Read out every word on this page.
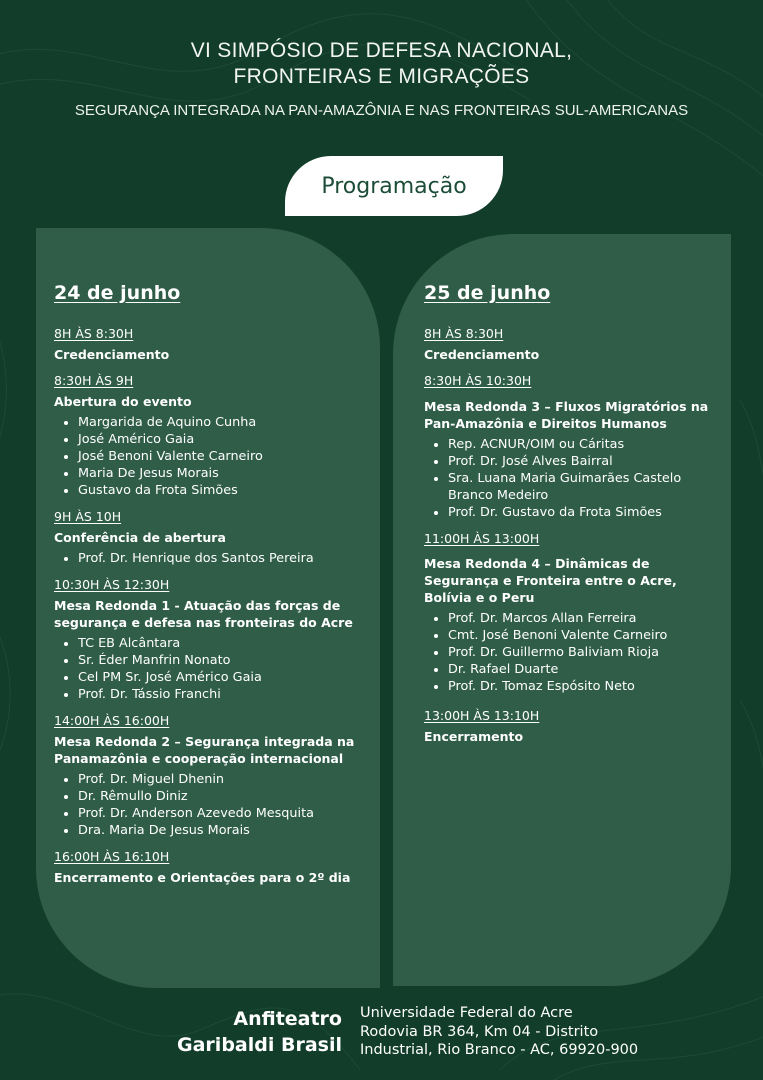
VI SIMPÓSIO DE DEFESA NACIONAL,
FRONTEIRAS E MIGRAÇÕES
SEGURANÇA INTEGRADA NA PAN-AMAZÔNIA E NAS FRONTEIRAS SUL-AMERICANAS
Programação
24 de junho
8H ÀS 8:30H
Credenciamento
8:30H ÀS 9H
Abertura do evento
Margarida de Aquino Cunha
José Américo Gaia
José Benoni Valente Carneiro
Maria De Jesus Morais
Gustavo da Frota Simões
9H ÀS 10H
Conferência de abertura
Prof. Dr. Henrique dos Santos Pereira
10:30H ÀS 12:30H
Mesa Redonda 1 - Atuação das forças de segurança e defesa nas fronteiras do Acre
TC EB Alcântara
Sr. Éder Manfrin Nonato
Cel PM Sr. José Américo Gaia
Prof. Dr. Tássio Franchi
14:00H ÀS 16:00H
Mesa Redonda 2 – Segurança integrada na Panamazônia e cooperação internacional
Prof. Dr. Miguel Dhenin
Dr. Rêmullo Diniz
Prof. Dr. Anderson Azevedo Mesquita
Dra. Maria De Jesus Morais
16:00H ÀS 16:10H
Encerramento e Orientações para o 2º dia
25 de junho
8H ÀS 8:30H
Credenciamento
8:30H ÀS 10:30H
Mesa Redonda 3 – Fluxos Migratórios na Pan-Amazônia e Direitos Humanos
Rep. ACNUR/OIM ou Cáritas
Prof. Dr. José Alves Bairral
Sra. Luana Maria Guimarães Castelo Branco Medeiro
Prof. Dr. Gustavo da Frota Simões
11:00H ÀS 13:00H
Mesa Redonda 4 – Dinâmicas de Segurança e Fronteira entre o Acre, Bolívia e o Peru
Prof. Dr. Marcos Allan Ferreira
Cmt. José Benoni Valente Carneiro
Prof. Dr. Guillermo Baliviam Rioja
Dr. Rafael Duarte
Prof. Dr. Tomaz Espósito Neto
13:00H ÀS 13:10H
Encerramento
Anfiteatro
Garibaldi Brasil
Universidade Federal do Acre
Rodovia BR 364, Km 04 - Distrito
Industrial, Rio Branco - AC, 69920-900
